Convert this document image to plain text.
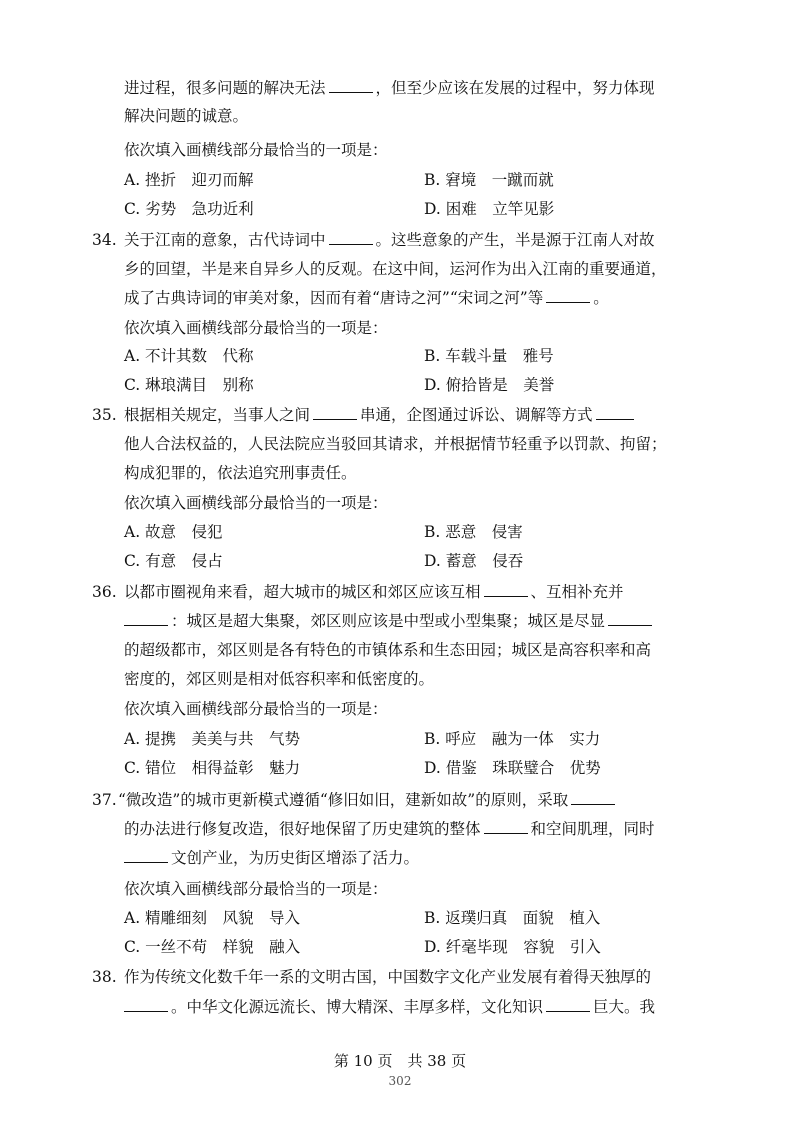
进过程，很多问题的解决无法	，但至少应该在发展的过程中，努力体现
解决问题的诚意。
依次填入画横线部分最恰当的一项是：
A. 挫折　迎刃而解	B. 窘境　一蹴而就
C. 劣势　急功近利	D. 困难　立竿见影
34. 关于江南的意象，古代诗词中	。这些意象的产生，半是源于江南人对故
乡的回望，半是来自异乡人的反观。在这中间，运河作为出入江南的重要通道，
成了古典诗词的审美对象，因而有着“唐诗之河”“宋词之河”等	。
依次填入画横线部分最恰当的一项是：
A. 不计其数　代称	B. 车载斗量　雅号
C. 琳琅满目　别称	D. 俯拾皆是　美誉
35. 根据相关规定，当事人之间	串通，企图通过诉讼、调解等方式
他人合法权益的，人民法院应当驳回其请求，并根据情节轻重予以罚款、拘留；
构成犯罪的，依法追究刑事责任。
依次填入画横线部分最恰当的一项是：
A. 故意　侵犯	B. 恶意　侵害
C. 有意　侵占	D. 蓄意　侵吞
36. 以都市圈视角来看，超大城市的城区和郊区应该互相	、互相补充并
：城区是超大集聚，郊区则应该是中型或小型集聚；城区是尽显
的超级都市，郊区则是各有特色的市镇体系和生态田园；城区是高容积率和高
密度的，郊区则是相对低容积率和低密度的。
依次填入画横线部分最恰当的一项是：
A. 提携　美美与共　气势	B. 呼应　融为一体　实力
C. 错位　相得益彰　魅力	D. 借鉴　珠联璧合　优势
37. “微改造”的城市更新模式遵循“修旧如旧，建新如故”的原则，采取
的办法进行修复改造，很好地保留了历史建筑的整体	和空间肌理，同时
文创产业，为历史街区增添了活力。
依次填入画横线部分最恰当的一项是：
A. 精雕细刻　风貌　导入	B. 返璞归真　面貌　植入
C. 一丝不苟　样貌　融入	D. 纤毫毕现　容貌　引入
38. 作为传统文化数千年一系的文明古国，中国数字文化产业发展有着得天独厚的
。中华文化源远流长、博大精深、丰厚多样，文化知识	巨大。我
第 10 页　共 38 页
302
